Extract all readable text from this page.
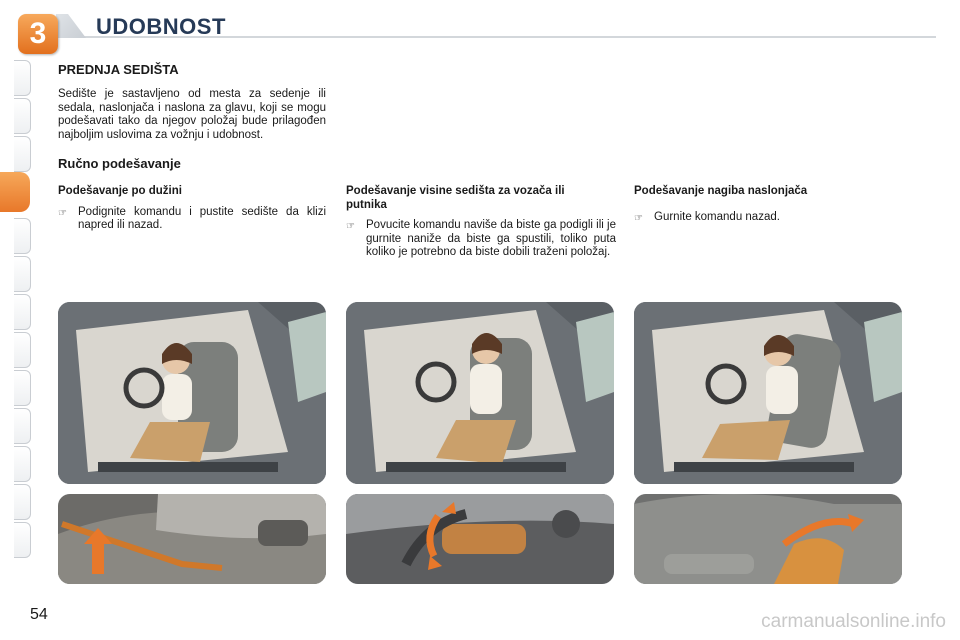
3	UDOBNOST
PREDNJA SEDIŠTA
Sedište je sastavljeno od mesta za sedenje ili sedala, naslonjača i naslona za glavu, koji se mogu podešavati tako da njegov položaj bude prilagođen najboljim uslovima za vožnju i udobnost.
Ručno podešavanje
Podešavanje po dužini
☞ Podignite komandu i pustite sedište da klizi napred ili nazad.
Podešavanje visine sedišta za vozača ili putnika
☞ Povucite komandu naviše da biste ga podigli ili je gurnite naniže da biste ga spustili, toliko puta koliko je potrebno da biste dobili traženi položaj.
Podešavanje nagiba naslonjača
☞ Gurnite komandu nazad.
54	carmanualsonline.info
